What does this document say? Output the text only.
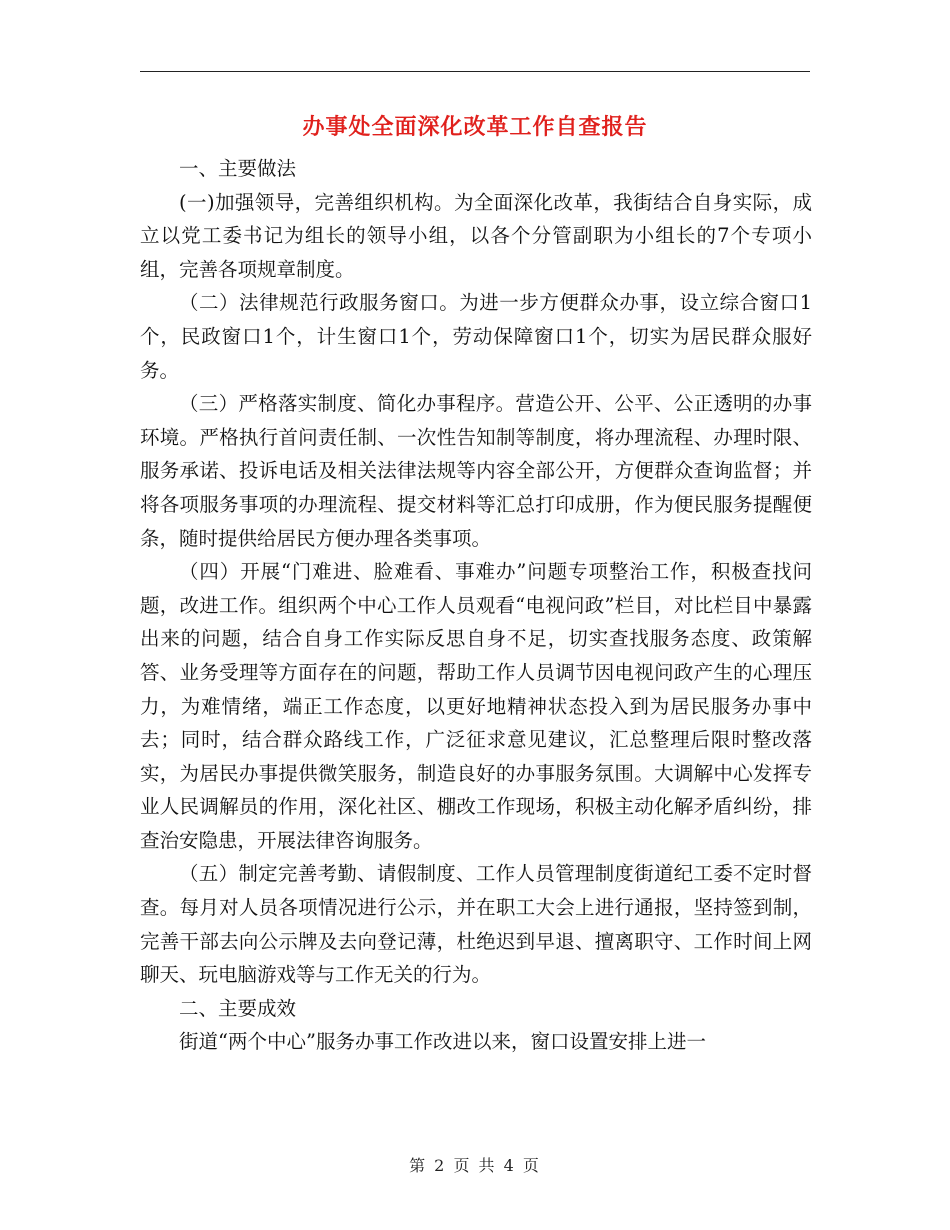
办事处全面深化改革工作自查报告

一、主要做法

(一)加强领导，完善组织机构。为全面深化改革，我街结合自身实际，成立以党工委书记为组长的领导小组，以各个分管副职为小组长的7个专项小组，完善各项规章制度。

（二）法律规范行政服务窗口。为进一步方便群众办事，设立综合窗口1个，民政窗口1个，计生窗口1个，劳动保障窗口1个，切实为居民群众服好务。

（三）严格落实制度、简化办事程序。营造公开、公平、公正透明的办事环境。严格执行首问责任制、一次性告知制等制度，将办理流程、办理时限、服务承诺、投诉电话及相关法律法规等内容全部公开，方便群众查询监督；并将各项服务事项的办理流程、提交材料等汇总打印成册，作为便民服务提醒便条，随时提供给居民方便办理各类事项。

（四）开展“门难进、脸难看、事难办”问题专项整治工作，积极查找问题，改进工作。组织两个中心工作人员观看“电视问政”栏目，对比栏目中暴露出来的问题，结合自身工作实际反思自身不足，切实查找服务态度、政策解答、业务受理等方面存在的问题，帮助工作人员调节因电视问政产生的心理压力，为难情绪，端正工作态度，以更好地精神状态投入到为居民服务办事中去；同时，结合群众路线工作，广泛征求意见建议，汇总整理后限时整改落实，为居民办事提供微笑服务，制造良好的办事服务氛围。大调解中心发挥专业人民调解员的作用，深化社区、棚改工作现场，积极主动化解矛盾纠纷，排查治安隐患，开展法律咨询服务。

（五）制定完善考勤、请假制度、工作人员管理制度街道纪工委不定时督查。每月对人员各项情况进行公示，并在职工大会上进行通报，坚持签到制，完善干部去向公示牌及去向登记薄，杜绝迟到早退、擅离职守、工作时间上网聊天、玩电脑游戏等与工作无关的行为。

二、主要成效

街道“两个中心”服务办事工作改进以来，窗口设置安排上进一

第 2 页 共 4 页
